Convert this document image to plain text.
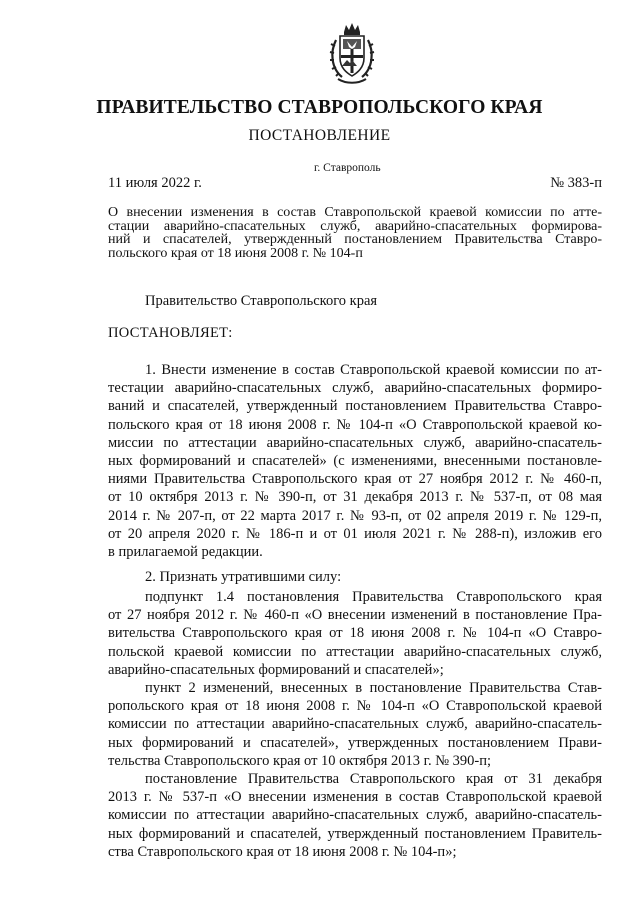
ПРАВИТЕЛЬСТВО СТАВРОПОЛЬСКОГО КРАЯ

ПОСТАНОВЛЕНИЕ

г. Ставрополь

11 июля 2022 г.	№ 383-п

О внесении изменения в состав Ставропольской краевой комиссии по атте-
стации аварийно-спасательных служб, аварийно-спасательных формирова-
ний и спасателей, утвержденный постановлением Правительства Ставро-
польского края от 18 июня 2008 г. № 104-п

Правительство Ставропольского края

ПОСТАНОВЛЯЕТ:

1. Внести изменение в состав Ставропольской краевой комиссии по ат-
тестации аварийно-спасательных служб, аварийно-спасательных формиро-
ваний и спасателей, утвержденный постановлением Правительства Ставро-
польского края от 18 июня 2008 г. № 104-п «О Ставропольской краевой ко-
миссии по аттестации аварийно-спасательных служб, аварийно-спасатель-
ных формирований и спасателей» (с изменениями, внесенными постановле-
ниями Правительства Ставропольского края от 27 ноября 2012 г. № 460-п,
от 10 октября 2013 г. № 390-п, от 31 декабря 2013 г. № 537-п, от 08 мая
2014 г. № 207-п, от 22 марта 2017 г. № 93-п, от 02 апреля 2019 г. № 129-п,
от 20 апреля 2020 г. № 186-п и от 01 июля 2021 г. № 288-п), изложив его
в прилагаемой редакции.

2. Признать утратившими силу:

подпункт 1.4 постановления Правительства Ставропольского края
от 27 ноября 2012 г. № 460-п «О внесении изменений в постановление Пра-
вительства Ставропольского края от 18 июня 2008 г. № 104-п «О Ставро-
польской краевой комиссии по аттестации аварийно-спасательных служб,
аварийно-спасательных формирований и спасателей»;

пункт 2 изменений, внесенных в постановление Правительства Став-
ропольского края от 18 июня 2008 г. № 104-п «О Ставропольской краевой
комиссии по аттестации аварийно-спасательных служб, аварийно-спасатель-
ных формирований и спасателей», утвержденных постановлением Прави-
тельства Ставропольского края от 10 октября 2013 г. № 390-п;

постановление Правительства Ставропольского края от 31 декабря
2013 г. № 537-п «О внесении изменения в состав Ставропольской краевой
комиссии по аттестации аварийно-спасательных служб, аварийно-спасатель-
ных формирований и спасателей, утвержденный постановлением Правитель-
ства Ставропольского края от 18 июня 2008 г. № 104-п»;
